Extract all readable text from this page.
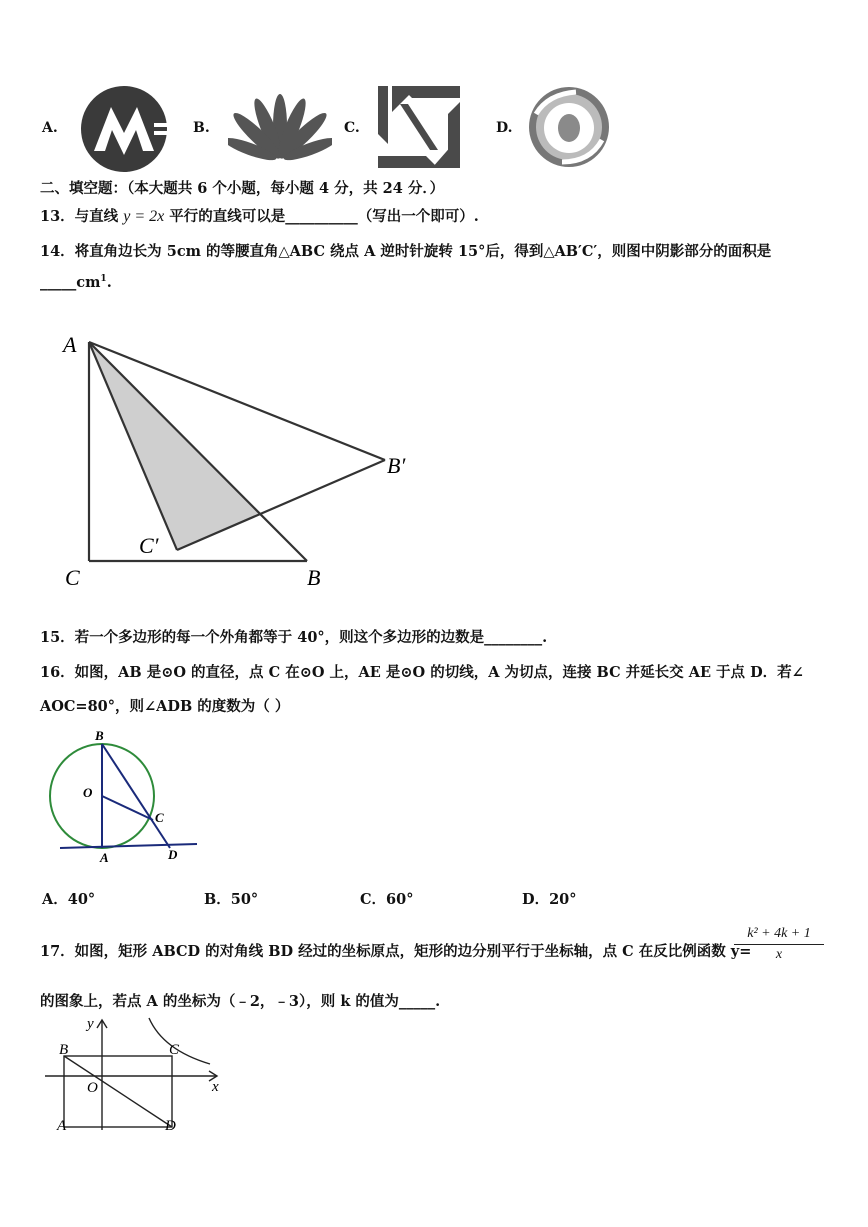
A.	B.	C.	D.
二、填空题：（本大题共 6 个小题，每小题 4 分，共 24 分．）
13．与直线 y = 2x 平行的直线可以是__________（写出一个即可）.
14．将直角边长为 5cm 的等腰直角△ABC 绕点 A 逆时针旋转 15°后，得到△AB′C′，则图中阴影部分的面积是
$\_\_\_\_\_cm^1$.
A
C	B
B′
C′
15．若一个多边形的每一个外角都等于 40°，则这个多边形的边数是________.
16．如图，AB 是⊙O 的直径，点 C 在⊙O 上，AE 是⊙O 的切线，A 为切点，连接 BC 并延长交 AE 于点 D．若∠
AOC=80°，则∠ADB 的度数为（ ）
B
O
C
A	D
A．40°	B．50°	C．60°	D．20°
17．如图，矩形 ABCD 的对角线 BD 经过的坐标原点，矩形的边分别平行于坐标轴，点 C 在反比例函数 y=
$\frac{\text{k² + 4k + 1}}{x}$
的图象上，若点 A 的坐标为（﹣2，﹣3），则 k 的值为_____.
y
x
B	C
O
A	D
